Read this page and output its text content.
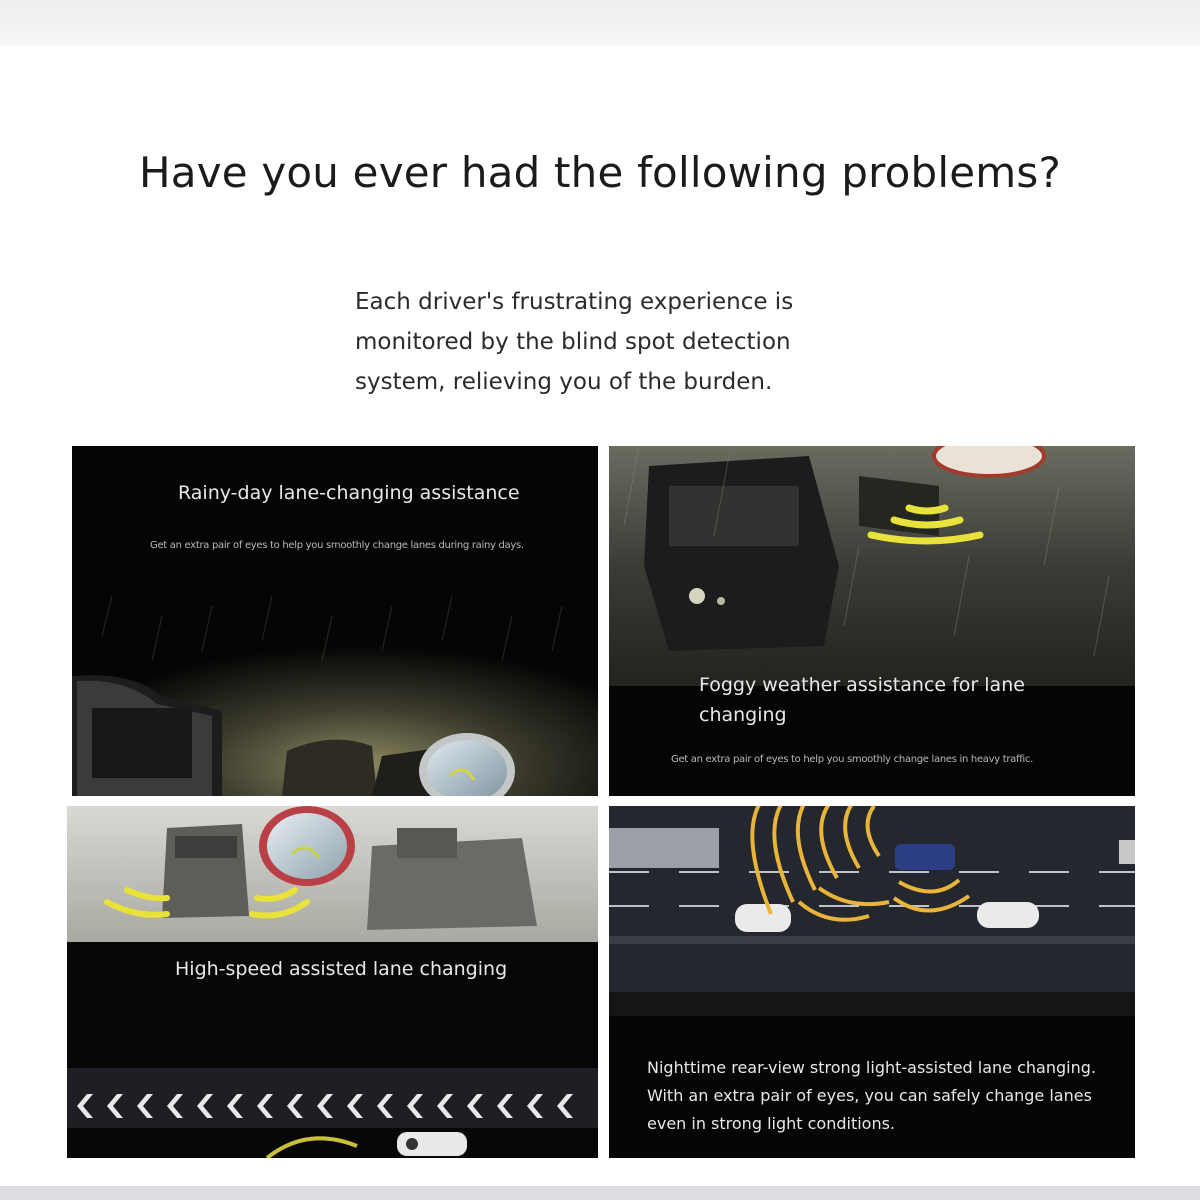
Have you ever had the following problems?

Each driver's frustrating experience is monitored by the blind spot detection system, relieving you of the burden.

Rainy-day lane-changing assistance
Get an extra pair of eyes to help you smoothly change lanes during rainy days.
Foggy weather assistance for lane changing
Get an extra pair of eyes to help you smoothly change lanes in heavy traffic.
High-speed assisted lane changing
Nighttime rear-view strong light-assisted lane changing. With an extra pair of eyes, you can safely change lanes even in strong light conditions.
